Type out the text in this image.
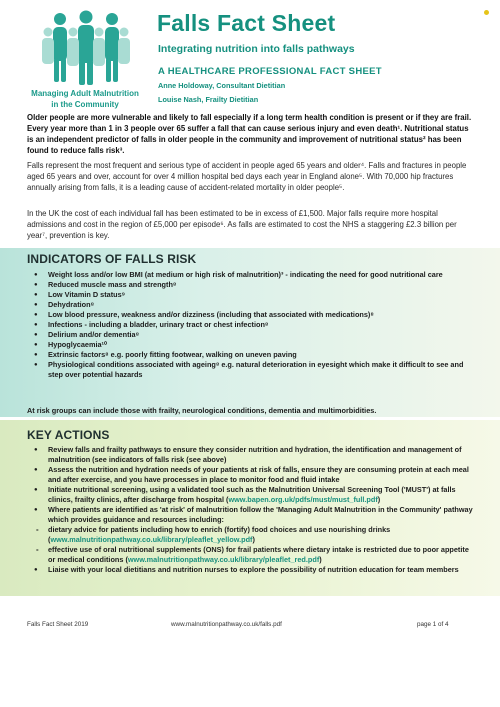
Managing Adult Malnutrition
in the Community
Falls Fact Sheet
Integrating nutrition into falls pathways
A HEALTHCARE PROFESSIONAL FACT SHEET
Anne Holdoway, Consultant Dietitian
Louise Nash, Frailty Dietitian
Older people are more vulnerable and likely to fall especially if a long term health condition is present or if they are frail. Every year more than 1 in 3 people over 65 suffer a fall that can cause serious injury and even death¹. Nutritional status is an independent predictor of falls in older people in the community and improvement of nutritional status² has been found to reduce falls risk³.
Falls represent the most frequent and serious type of accident in people aged 65 years and older⁴. Falls and fractures in people aged 65 years and over, account for over 4 million hospital bed days each year in England alone⁵. With 70,000 hip fractures annually arising from falls, it is a leading cause of accident-related mortality in older people⁵.
In the UK the cost of each individual fall has been estimated to be in excess of £1,500. Major falls require more hospital admissions and cost in the region of £5,000 per episode⁶. As falls are estimated to cost the NHS a staggering £2.3 billion per year⁷, prevention is key.
INDICATORS OF FALLS RISK
● Weight loss and/or low BMI (at medium or high risk of malnutrition)³ - indicating the need for good nutritional care
● Reduced muscle mass and strength⁸
● Low Vitamin D status⁹
● Dehydration⁸
● Low blood pressure, weakness and/or dizziness (including that associated with medications)⁸
● Infections - including a bladder, urinary tract or chest infection⁸
● Delirium and/or dementia⁸
● Hypoglycaemia¹⁰
● Extrinsic factors⁸ e.g. poorly fitting footwear, walking on uneven paving
● Physiological conditions associated with ageing⁸ e.g. natural deterioration in eyesight which make it difficult to see and step over potential hazards
At risk groups can include those with frailty, neurological conditions, dementia and multimorbidities.
KEY ACTIONS
● Review falls and frailty pathways to ensure they consider nutrition and hydration, the identification and management of malnutrition (see indicators of falls risk (see above)
● Assess the nutrition and hydration needs of your patients at risk of falls, ensure they are consuming protein at each meal and after exercise, and you have processes in place to monitor food and fluid intake
● Initiate nutritional screening, using a validated tool such as the Malnutrition Universal Screening Tool ('MUST') at falls clinics, frailty clinics, after discharge from hospital (www.bapen.org.uk/pdfs/must/must_full.pdf)
● Where patients are identified as 'at risk' of malnutrition follow the 'Managing Adult Malnutrition in the Community' pathway which provides guidance and resources including:
- dietary advice for patients including how to enrich (fortify) food choices and use nourishing drinks (www.malnutritionpathway.co.uk/library/pleaflet_yellow.pdf)
- effective use of oral nutritional supplements (ONS) for frail patients where dietary intake is restricted due to poor appetite or medical conditions (www.malnutritionpathway.co.uk/library/pleaflet_red.pdf)
● Liaise with your local dietitians and nutrition nurses to explore the possibility of nutrition education for team members
Falls Fact Sheet 2019	www.malnutritionpathway.co.uk/falls.pdf	page 1 of 4
